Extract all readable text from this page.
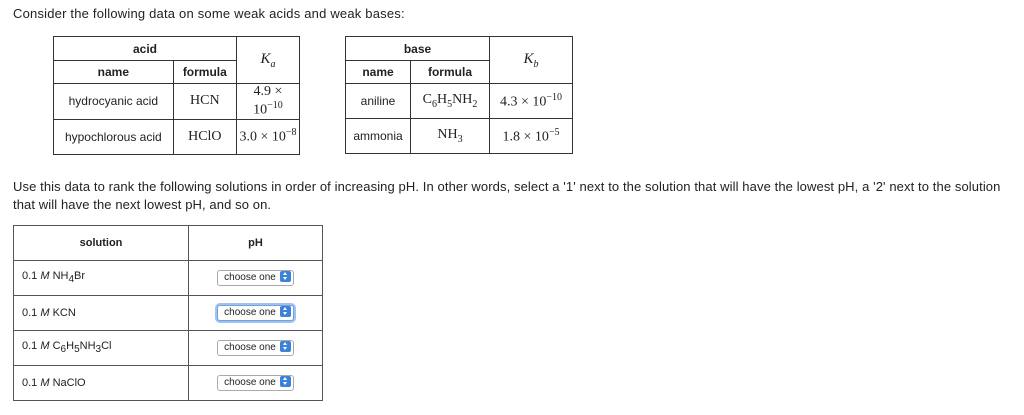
Consider the following data on some weak acids and weak bases:
acid		$K_a$
name	formula	
hydrocyanic acid	HCN	$4.9 \times 10^{-10}$
hypochlorous acid	HClO	$3.0 \times 10^{-8}$
base		$K_b$
name	formula	
aniline	$C_6H_5NH_2$	$4.3 \times 10^{-10}$
ammonia	$NH_3$	$1.8 \times 10^{-5}$
Use this data to rank the following solutions in order of increasing pH. In other words, select a '1' next to the solution that will have the lowest pH, a '2' next to the solution that will have the next lowest pH, and so on.
solution	pH
0.1 M $NH_4Br$	choose one
0.1 M KCN	choose one
0.1 M $C_6H_5NH_3Cl$	choose one
0.1 M NaClO	choose one
